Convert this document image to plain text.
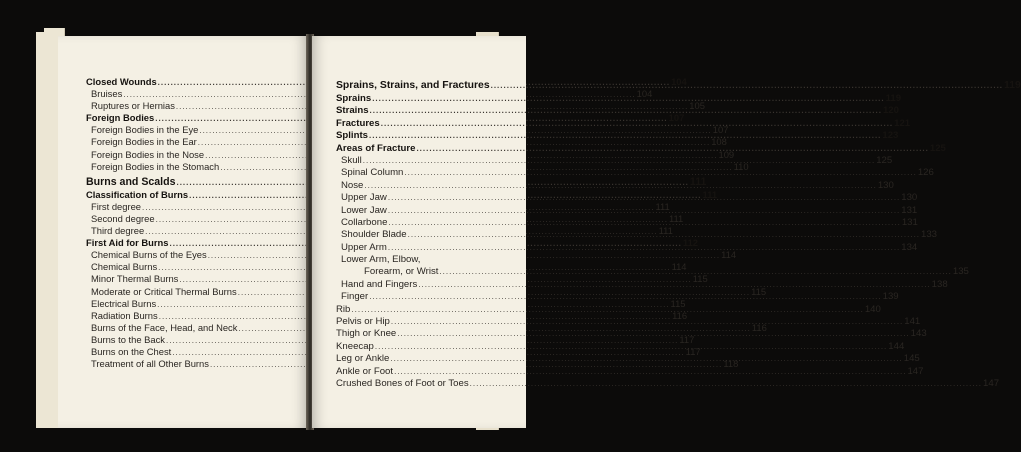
Closed Wounds .....	104
Bruises .....	104
Ruptures or Hernias .....	105
Foreign Bodies .....	107
Foreign Bodies in the Eye .....	107
Foreign Bodies in the Ear .....	108
Foreign Bodies in the Nose .....	109
Foreign Bodies in the Stomach .....	110
Burns and Scalds .....	111
Classification of Burns .....	111
First degree .....	111
Second degree .....	111
Third degree .....	111
First Aid for Burns .....	112
Chemical Burns of the Eyes .....	114
Chemical Burns .....	114
Minor Thermal Burns .....	115
Moderate or Critical Thermal Burns .....	115
Electrical Burns .....	115
Radiation Burns .....	116
Burns of the Face, Head, and Neck .....	116
Burns to the Back .....	117
Burns on the Chest .....	117
Treatment of all Other Burns .....	118
Sprains, Strains, and Fractures .....	119
Sprains .....	119
Strains .....	120
Fractures .....	121
Splints .....	123
Areas of Fracture .....	125
Skull .....	125
Spinal Column .....	126
Nose .....	130
Upper Jaw .....	130
Lower Jaw .....	131
Collarbone .....	131
Shoulder Blade .....	133
Upper Arm .....	134
Lower Arm, Elbow,
Forearm, or Wrist .....	135
Hand and Fingers .....	138
Finger .....	139
Rib .....	140
Pelvis or Hip .....	141
Thigh or Knee .....	143
Kneecap .....	144
Leg or Ankle .....	145
Ankle or Foot .....	147
Crushed Bones of Foot or Toes .....	147
